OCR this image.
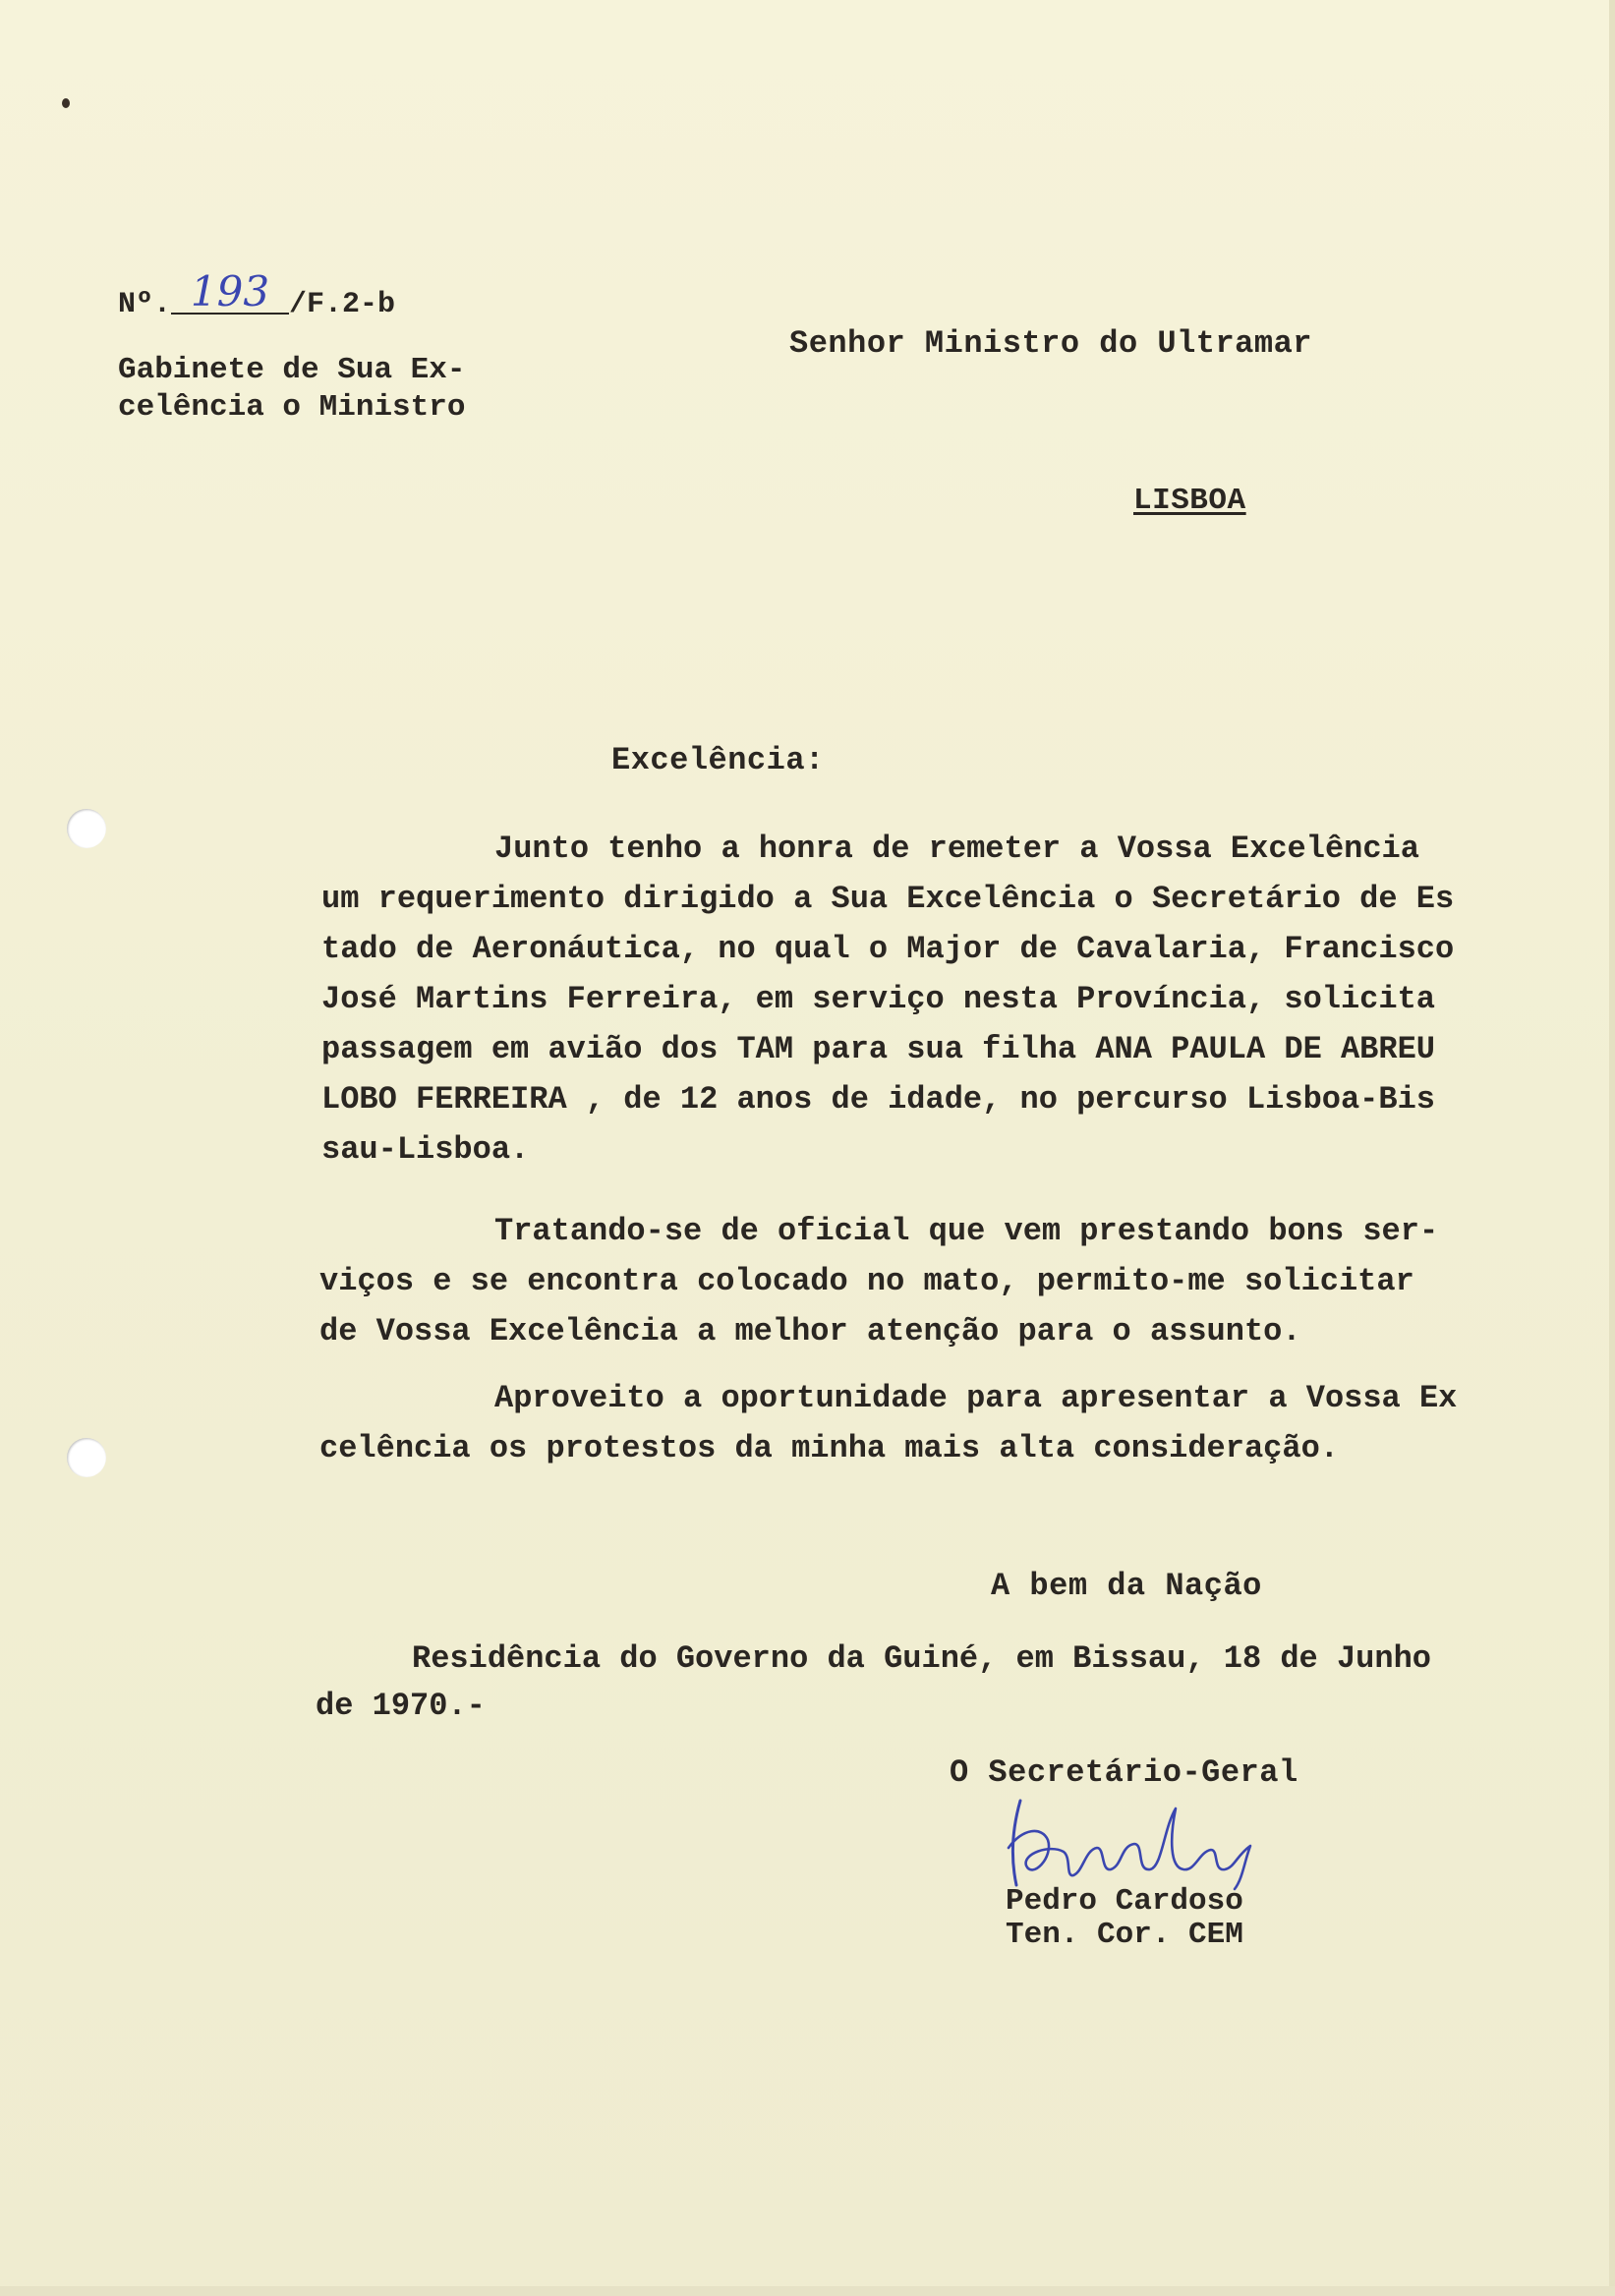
Nº. 193 /F.2-b
Gabinete de Sua Ex-
celência o Ministro
Senhor Ministro do Ultramar
LISBOA
Excelência:
Junto tenho a honra de remeter a Vossa Excelência
um requerimento dirigido a Sua Excelência o Secretário de Es
tado de Aeronáutica, no qual o Major de Cavalaria, Francisco
José Martins Ferreira, em serviço nesta Província, solicita
passagem em avião dos TAM para sua filha ANA PAULA DE ABREU
LOBO FERREIRA , de 12 anos de idade, no percurso Lisboa-Bis
sau-Lisboa.
Tratando-se de oficial que vem prestando bons ser-
viços e se encontra colocado no mato, permito-me solicitar
de Vossa Excelência a melhor atenção para o assunto.
Aproveito a oportunidade para apresentar a Vossa Ex
celência os protestos da minha mais alta consideração.
A bem da Nação
Residência do Governo da Guiné, em Bissau, 18 de Junho
de 1970.-
O Secretário-Geral
Pedro Cardoso
Ten. Cor. CEM
